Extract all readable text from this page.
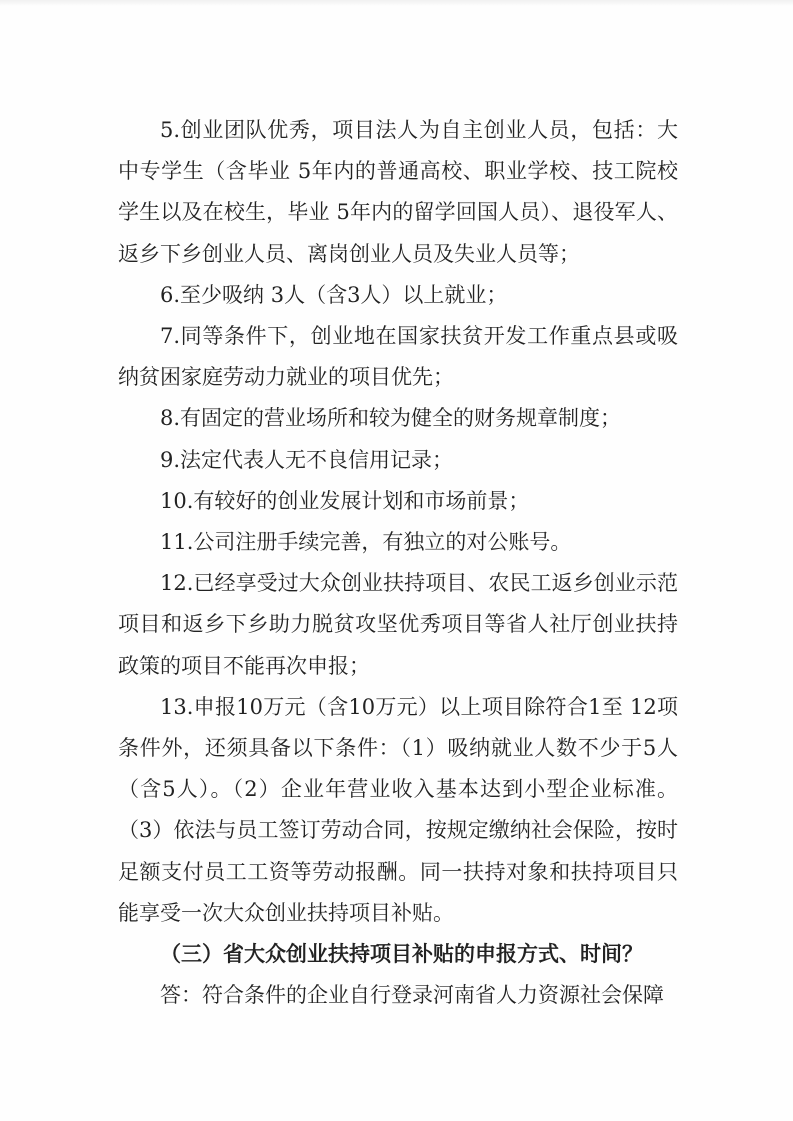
5.创业团队优秀，项目法人为自主创业人员，包括：大中专学生（含毕业 5年内的普通高校、职业学校、技工院校学生以及在校生，毕业 5年内的留学回国人员）、退役军人、返乡下乡创业人员、离岗创业人员及失业人员等；

6.至少吸纳 3人（含3人）以上就业；

7.同等条件下，创业地在国家扶贫开发工作重点县或吸纳贫困家庭劳动力就业的项目优先；

8.有固定的营业场所和较为健全的财务规章制度；

9.法定代表人无不良信用记录；

10.有较好的创业发展计划和市场前景；

11.公司注册手续完善，有独立的对公账号。

12.已经享受过大众创业扶持项目、农民工返乡创业示范项目和返乡下乡助力脱贫攻坚优秀项目等省人社厅创业扶持政策的项目不能再次申报；

13.申报10万元（含10万元）以上项目除符合1至 12项条件外，还须具备以下条件：（1）吸纳就业人数不少于5人（含5人）。（2）企业年营业收入基本达到小型企业标准。（3）依法与员工签订劳动合同，按规定缴纳社会保险，按时足额支付员工工资等劳动报酬。同一扶持对象和扶持项目只能享受一次大众创业扶持项目补贴。

（三）省大众创业扶持项目补贴的申报方式、时间？

答：符合条件的企业自行登录河南省人力资源社会保障
